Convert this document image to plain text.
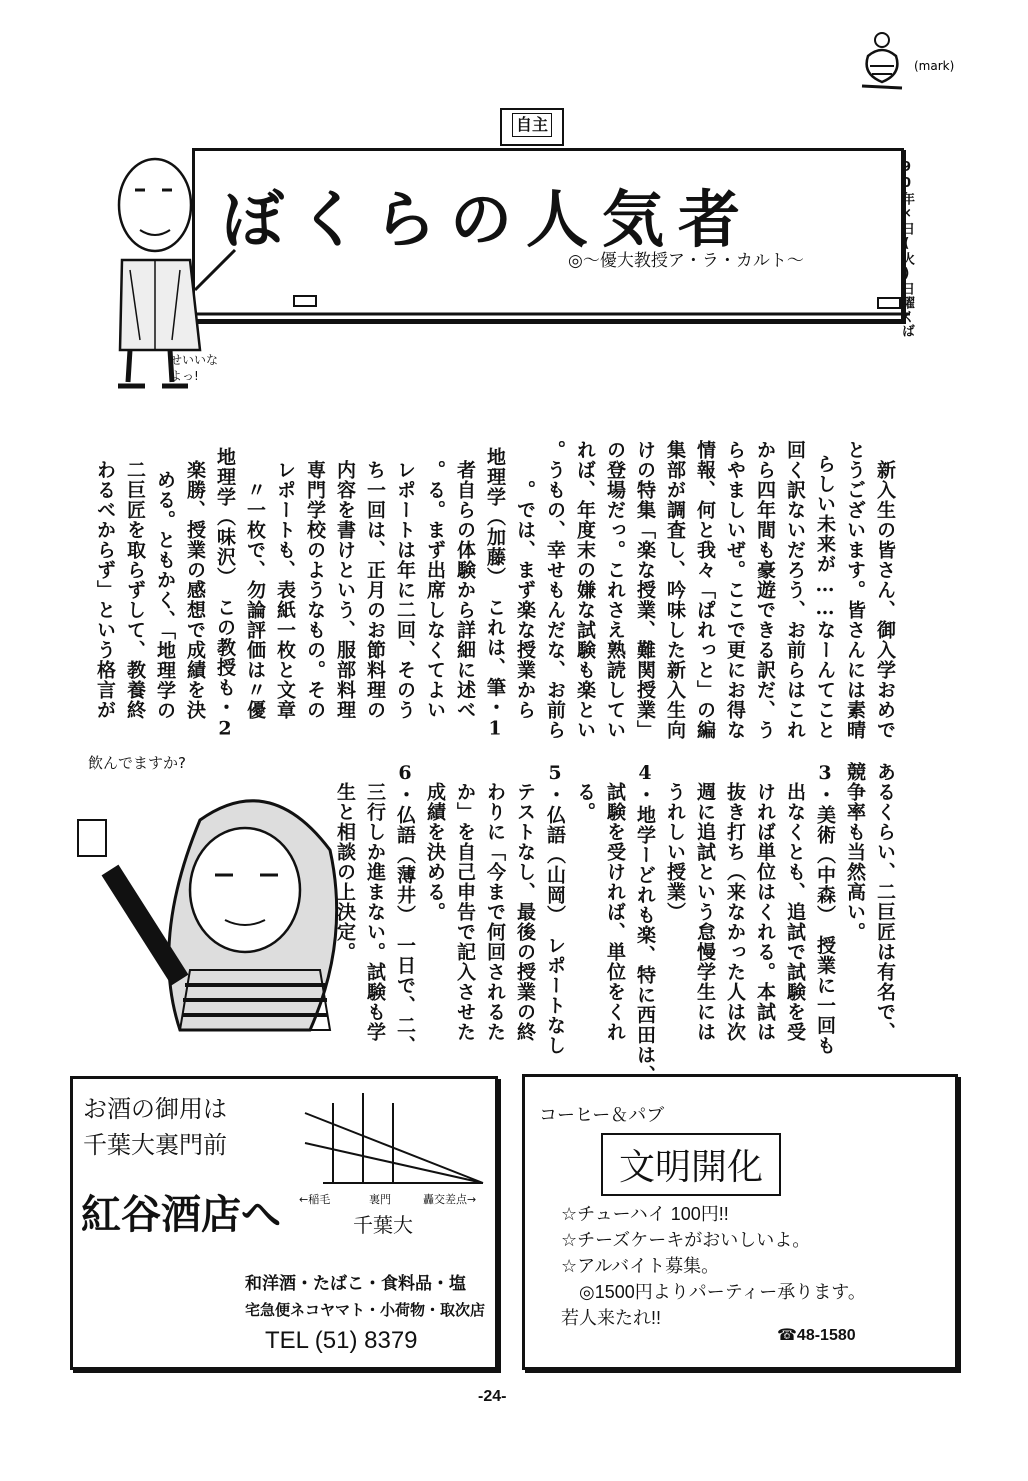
(mark)
自主
ぼくらの人気者
◎～優大教授ア・ラ・カルト～	90年×日(火)日曜くば
せいいな
よっ!
新入生の皆さん、御入学おめで
とうございます。皆さんには素晴
らしい未来が……なーんてこと
回く訳ないだろう、お前らはこれ
から四年間も豪遊できる訳だ、う
らやましいぜ。ここで更にお得な
情報、何と我々「ぱれっと」の編
集部が調査し、吟味した新入生向
けの特集「楽な授業、難関授業」
の登場だっ。これさえ熟読してい
れば、年度末の嫌な試験も楽とい
うもの、幸せもんだな、お前ら。
　では、まず楽な授業から。
1・地理学（加藤）　これは、筆
　者自らの体験から詳細に述べ
　る。まず出席しなくてよい。
　レポートは年に二回、そのう
　ち一回は、正月のお節料理の
　内容を書けという、服部料理
　専門学校のようなもの。その
　レポートも、表紙一枚と文章
　一枚で、勿論評価は〃優〃
2・地理学（味沢）　この教授も
　楽勝、授業の感想で成績を決
　める。ともかく、「地理学の
　二巨匠を取らずして、教養終
　わるべからず」という格言が
飲んでますか?	あるくらい、二巨匠は有名で、
競争率も当然高い。
3・美術（中森）　授業に一回も
　出なくとも、追試で試験を受
　ければ単位はくれる。本試は
　抜き打ち（来なかった人は次
　週に追試という怠慢学生には
　うれしい授業）
4・地学ーどれも楽、特に西田は、
　試験を受ければ、単位をくれ
　る。
5・仏語（山岡）　レポートなし
　テストなし、最後の授業の終
　わりに「今まで何回されるた
　か」を自己申告で記入させた
　成績を決める。
6・仏語（薄井）　一日で、二、
　三行しか進まない。試験も学
　生と相談の上決定。
お酒の御用は
千葉大裏門前
←稲毛	裏門	轟交差点→
千葉大
紅谷酒店へ
和洋酒・たばこ・食料品・塩
宅急便ネコヤマト・小荷物・取次店
TEL (51) 8379
コーヒー＆パブ
文明開化
☆チューハイ 100円!!
☆チーズケーキがおいしいよ。
☆アルバイト募集。
　◎1500円よりパーティー承ります。
若人来たれ!!
☎48-1580
-24-
